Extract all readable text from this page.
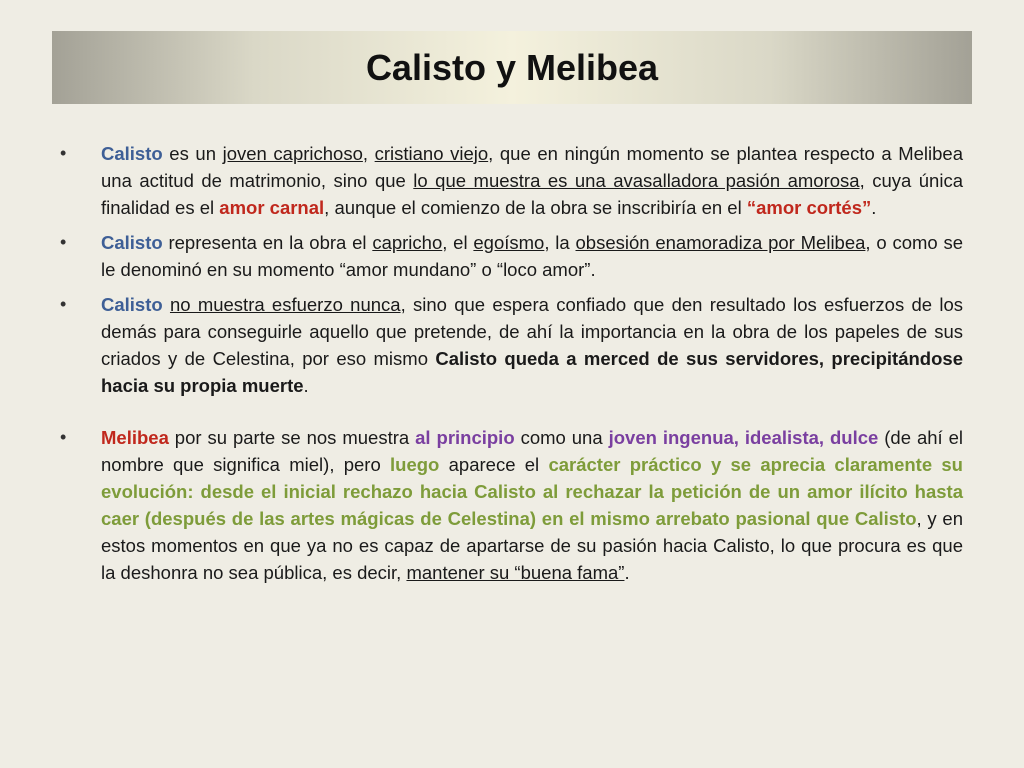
Calisto y Melibea

• Calisto es un joven caprichoso, cristiano viejo, que en ningún momento se plantea respecto a Melibea una actitud de matrimonio, sino que lo que muestra es una avasalladora pasión amorosa, cuya única finalidad es el amor carnal, aunque el comienzo de la obra se inscribiría en el “amor cortés”.

• Calisto representa en la obra el capricho, el egoísmo, la obsesión enamoradiza por Melibea, o como se le denominó en su momento “amor mundano” o “loco amor”.

• Calisto no muestra esfuerzo nunca, sino que espera confiado que den resultado los esfuerzos de los demás para conseguirle aquello que pretende, de ahí la importancia en la obra de los papeles de sus criados y de Celestina, por eso mismo Calisto queda a merced de sus servidores, precipitándose hacia su propia muerte.

• Melibea por su parte se nos muestra al principio como una joven ingenua, idealista, dulce (de ahí el nombre que significa miel), pero luego aparece el carácter práctico y se aprecia claramente su evolución: desde el inicial rechazo hacia Calisto al rechazar la petición de un amor ilícito hasta caer (después de las artes mágicas de Celestina) en el mismo arrebato pasional que Calisto, y en estos momentos en que ya no es capaz de apartarse de su pasión hacia Calisto, lo que procura es que la deshonra no sea pública, es decir, mantener su “buena fama”.
